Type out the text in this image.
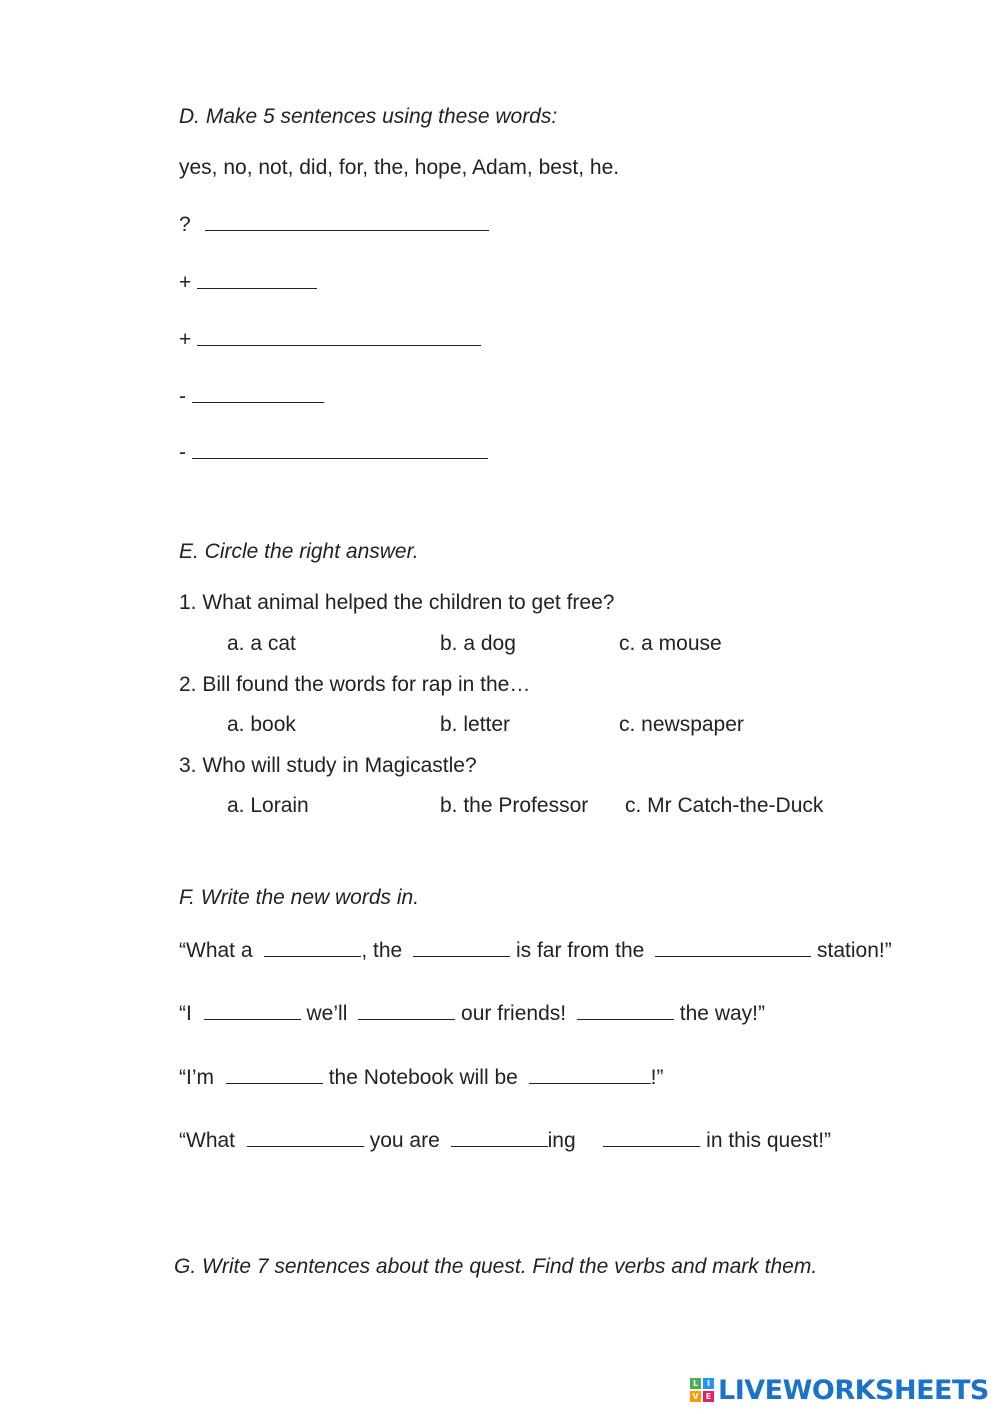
D. Make 5 sentences using these words:
yes, no, not, did, for, the, hope, Adam, best, he.
?
+
+
-
-
E. Circle the right answer.
1. What animal helped the children to get free?
a. a cat	b. a dog	c. a mouse
2. Bill found the words for rap in the…
a. book	b. letter	c. newspaper
3. Who will study in Magicastle?
a. Lorain	b. the Professor c. Mr Catch-the-Duck
F. Write the new words in.
“What a	, the	is far from the	station!”
“I	we’ll	our friends!	the way!”
“I’m	the Notebook will be	!”
“What	you are	ing	in this quest!”
G. Write 7 sentences about the quest. Find the verbs and mark them.
L	I
V E LIVEWORKSHEETS
